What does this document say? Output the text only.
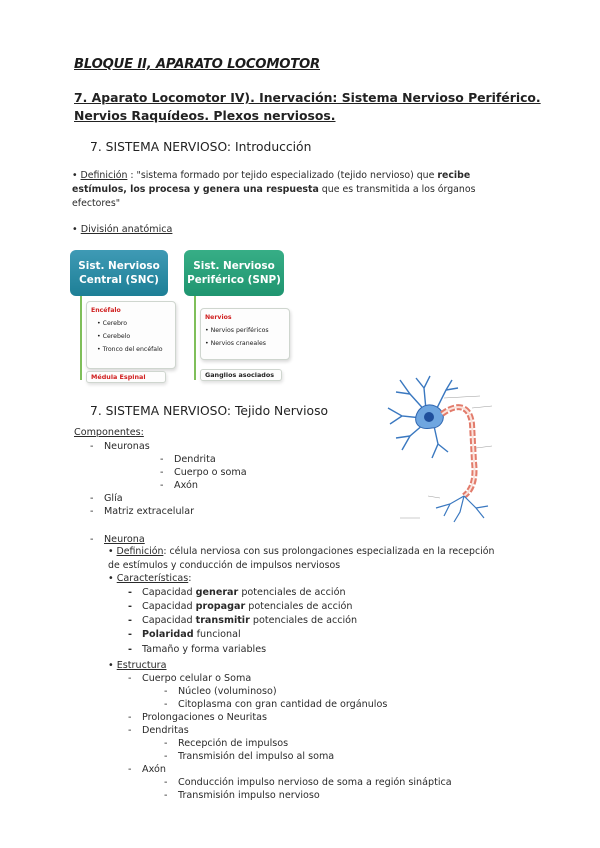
BLOQUE II, APARATO LOCOMOTOR
7. Aparato Locomotor IV). Inervación: Sistema Nervioso Periférico.
Nervios Raquídeos. Plexos nerviosos.
7. SISTEMA NERVIOSO: Introducción
• Definición : "sistema formado por tejido especializado (tejido nervioso) que recibe estímulos, los procesa y genera una respuesta que es transmitida a los órganos efectores"
• División anatómica
Sist. Nervioso Central (SNC)
Sist. Nervioso Periférico (SNP)
Encéfalo
• Cerebro
• Cerebelo
• Tronco del encéfalo
Médula Espinal
Nervios
• Nervios periféricos
• Nervios craneales
Ganglios asociados
7. SISTEMA NERVIOSO: Tejido Nervioso
Componentes:
- Neuronas
- Dendrita
- Cuerpo o soma
- Axón
- Glía
- Matriz extracelular
- Neurona
• Definición: célula nerviosa con sus prolongaciones especializada en la recepción de estímulos y conducción de impulsos nerviosos
• Características:
- Capacidad generar potenciales de acción
- Capacidad propagar potenciales de acción
- Capacidad transmitir potenciales de acción
- Polaridad funcional
- Tamaño y forma variables
• Estructura
- Cuerpo celular o Soma
- Núcleo (voluminoso)
- Citoplasma con gran cantidad de orgánulos
- Prolongaciones o Neuritas
- Dendritas
- Recepción de impulsos
- Transmisión del impulso al soma
- Axón
- Conducción impulso nervioso de soma a región sináptica
- Transmisión impulso nervioso
